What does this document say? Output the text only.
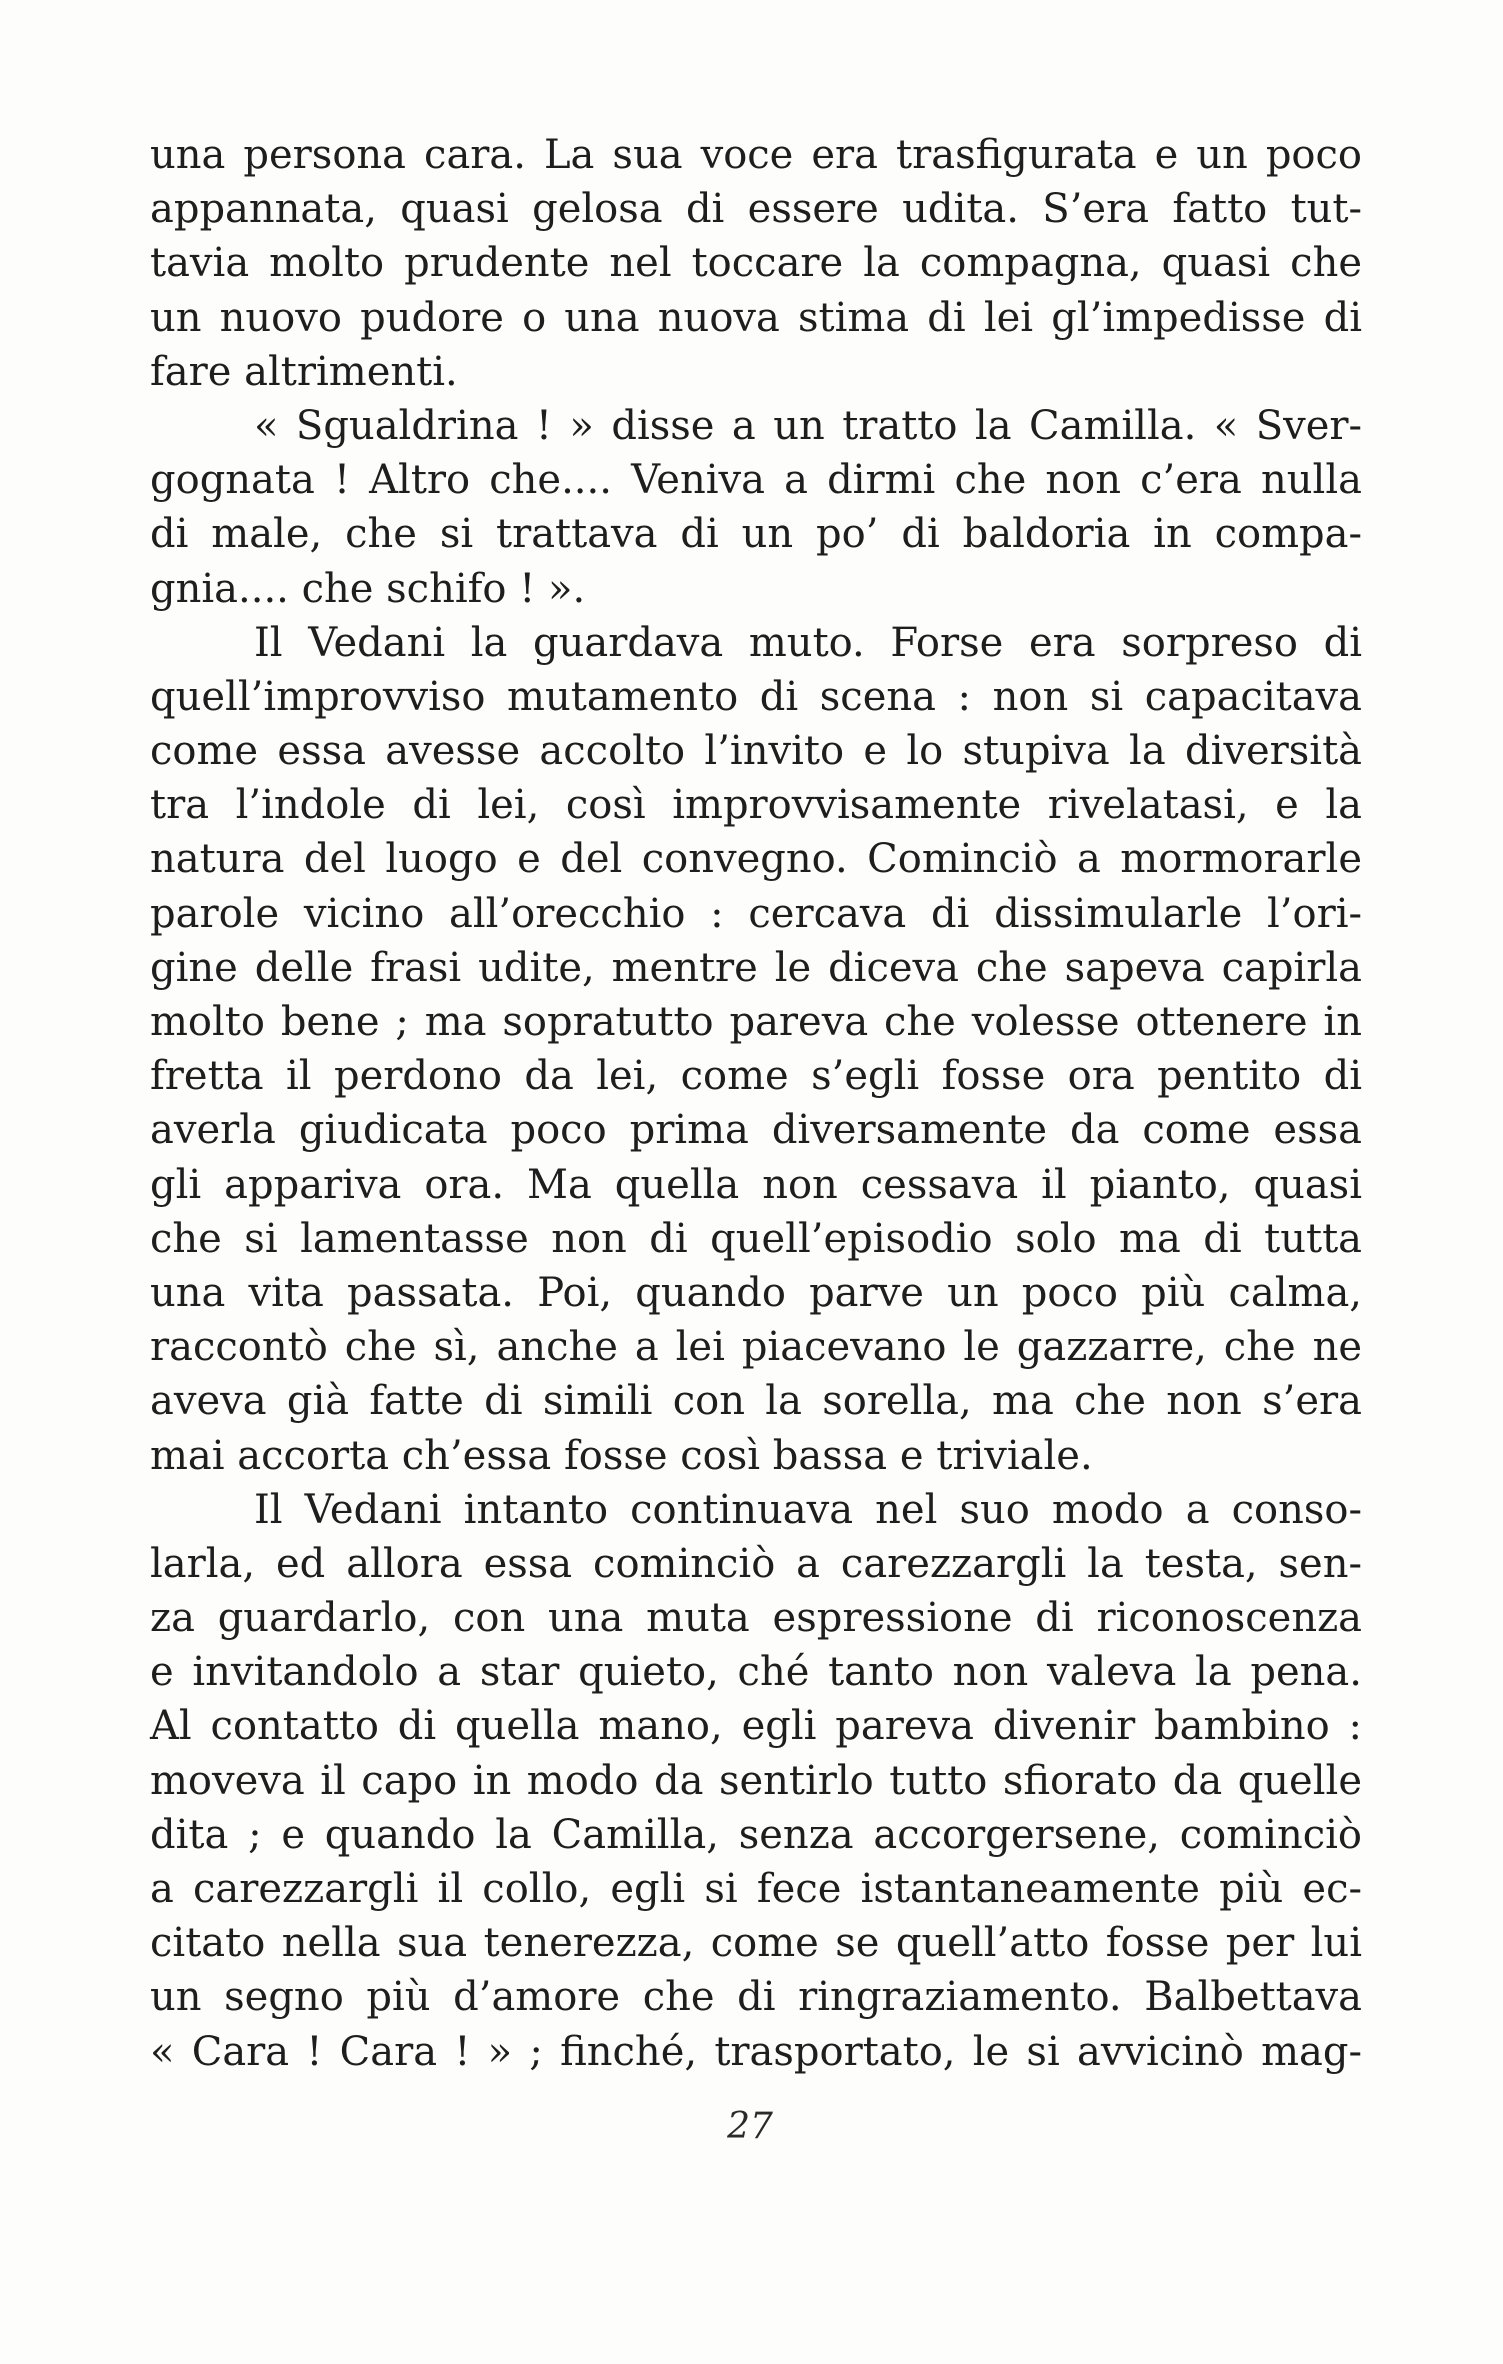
una persona cara. La sua voce era trasfigurata e un poco
appannata, quasi gelosa di essere udita. S’era fatto tut-
tavia molto prudente nel toccare la compagna, quasi che
un nuovo pudore o una nuova stima di lei gl’impedisse di
fare altrimenti.
« Sgualdrina ! » disse a un tratto la Camilla. « Sver-
gognata ! Altro che.... Veniva a dirmi che non c’era nulla
di male, che si trattava di un po’ di baldoria in compa-
gnia.... che schifo ! ».
Il Vedani la guardava muto. Forse era sorpreso di
quell’improvviso mutamento di scena : non si capacitava
come essa avesse accolto l’invito e lo stupiva la diversità
tra l’indole di lei, così improvvisamente rivelatasi, e la
natura del luogo e del convegno. Cominciò a mormorarle
parole vicino all’orecchio : cercava di dissimularle l’ori-
gine delle frasi udite, mentre le diceva che sapeva capirla
molto bene ; ma sopratutto pareva che volesse ottenere in
fretta il perdono da lei, come s’egli fosse ora pentito di
averla giudicata poco prima diversamente da come essa
gli appariva ora. Ma quella non cessava il pianto, quasi
che si lamentasse non di quell’episodio solo ma di tutta
una vita passata. Poi, quando parve un poco più calma,
raccontò che sì, anche a lei piacevano le gazzarre, che ne
aveva già fatte di simili con la sorella, ma che non s’era
mai accorta ch’essa fosse così bassa e triviale.
Il Vedani intanto continuava nel suo modo a conso-
larla, ed allora essa cominciò a carezzargli la testa, sen-
za guardarlo, con una muta espressione di riconoscenza
e invitandolo a star quieto, ché tanto non valeva la pena.
Al contatto di quella mano, egli pareva divenir bambino :
moveva il capo in modo da sentirlo tutto sfiorato da quelle
dita ; e quando la Camilla, senza accorgersene, cominciò
a carezzargli il collo, egli si fece istantaneamente più ec-
citato nella sua tenerezza, come se quell’atto fosse per lui
un segno più d’amore che di ringraziamento. Balbettava
« Cara ! Cara ! » ; finché, trasportato, le si avvicinò mag-
27
